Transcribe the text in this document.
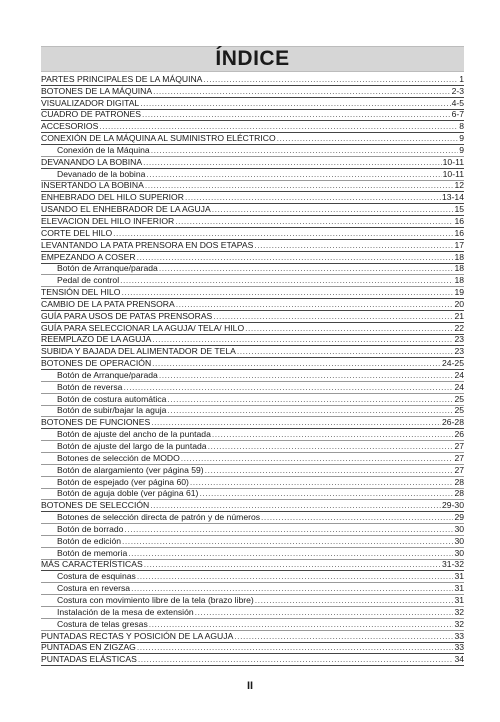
ÍNDICE
PARTES PRINCIPALES DE LA MÁQUINA .....	1
BOTONES DE LA MÁQUINA .....	2-3
VISUALIZADOR DIGITAL .....	4-5
CUADRO DE PATRONES .....	6-7
ACCESORIOS .....	8
CONEXIÓN DE LA MÁQUINA AL SUMINISTRO ELÉCTRICO .....	9
Conexión de la Máquina .....	9
DEVANANDO LA BOBINA .....	10-11
Devanado de la bobina .....	10-11
INSERTANDO LA BOBINA .....	12
ENHEBRADO DEL HILO SUPERIOR .....	13-14
USANDO EL ENHEBRADOR DE LA AGUJA .....	15
ELEVACION DEL HILO INFERIOR .....	16
CORTE DEL HILO .....	16
LEVANTANDO LA PATA PRENSORA EN DOS ETAPAS .....	17
EMPEZANDO A COSER .....	18
Botón de Arranque/parada .....	18
Pedal de control .....	18
TENSIÓN DEL HILO .....	19
CAMBIO DE LA PATA PRENSORA .....	20
GUÍA PARA USOS DE PATAS PRENSORAS .....	21
GUÍA PARA SELECCIONAR LA AGUJA/ TELA/ HILO .....	22
REEMPLAZO DE LA AGUJA .....	23
SUBIDA Y BAJADA DEL ALIMENTADOR DE TELA .....	23
BOTONES DE OPERACIÓN .....	24-25
Botón de Arranque/parada .....	24
Botón de reversa .....	24
Botón de costura automática .....	25
Botón de subir/bajar la aguja .....	25
BOTONES DE FUNCIONES .....	26-28
Botón de ajuste del ancho de la puntada .....	26
Botón de ajuste del largo de la puntada .....	27
Botones de selección de MODO .....	27
Botón de alargamiento (ver página 59) .....	27
Botón de espejado (ver página 60) .....	28
Botón de aguja doble (ver página 61) .....	28
BOTONES DE SELECCIÓN .....	29-30
Botones de selección directa de patrón y de números .....	29
Botón de borrado .....	30
Botón de edición .....	30
Botón de memoria .....	30
MÁS CARACTERÍSTICAS .....	31-32
Costura de esquinas .....	31
Costura en reversa .....	31
Costura con movimiento libre de la tela (brazo libre) .....	31
Instalación de la mesa de extensión .....	32
Costura de telas gresas .....	32
PUNTADAS RECTAS Y POSICIÓN DE LA AGUJA .....	33
PUNTADAS EN ZIGZAG .....	33
PUNTADAS ELÁSTICAS .....	34
II
